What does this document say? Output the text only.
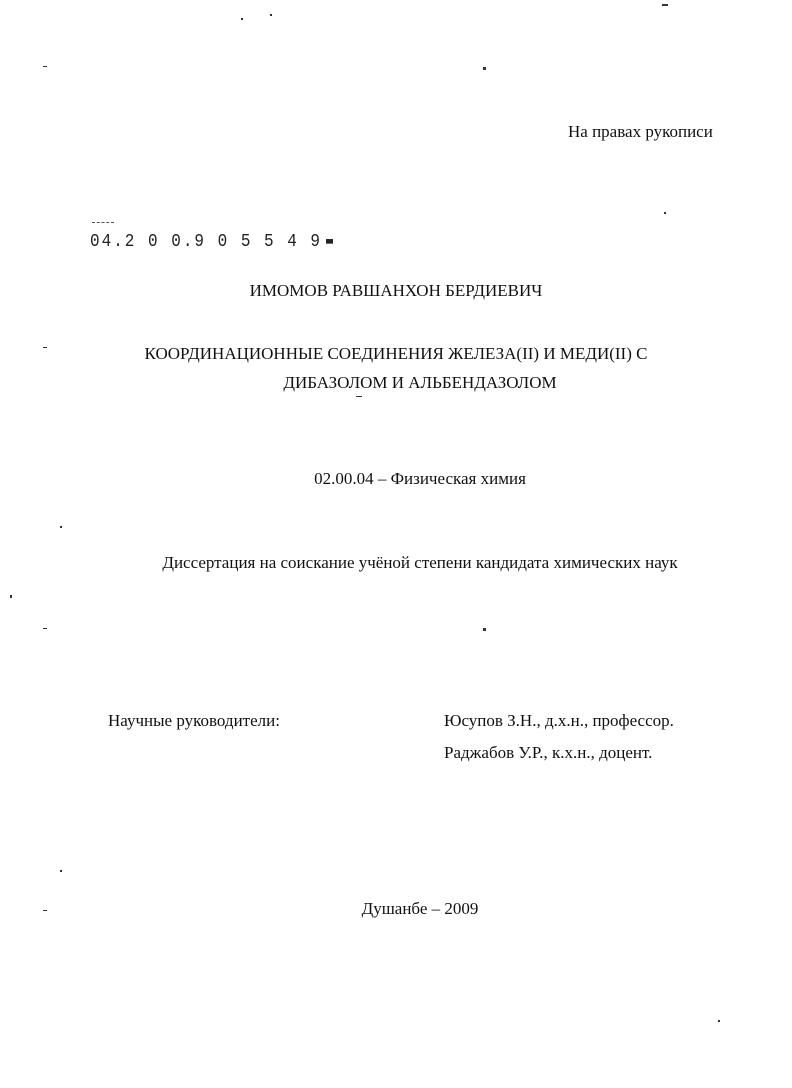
На правах рукописи
04.2 0 0.9 0 5 5 4 9
ИМОМОВ РАВШАНХОН БЕРДИЕВИЧ
КООРДИНАЦИОННЫЕ СОЕДИНЕНИЯ ЖЕЛЕЗА(II) И МЕДИ(II) С
ДИБАЗОЛОМ И АЛЬБЕНДАЗОЛОМ
02.00.04 – Физическая химия
Диссертация на соискание учёной степени кандидата химических наук
Научные руководители:	Юсупов З.Н., д.х.н., профессор.
Раджабов У.Р., к.х.н., доцент.
Душанбе – 2009
